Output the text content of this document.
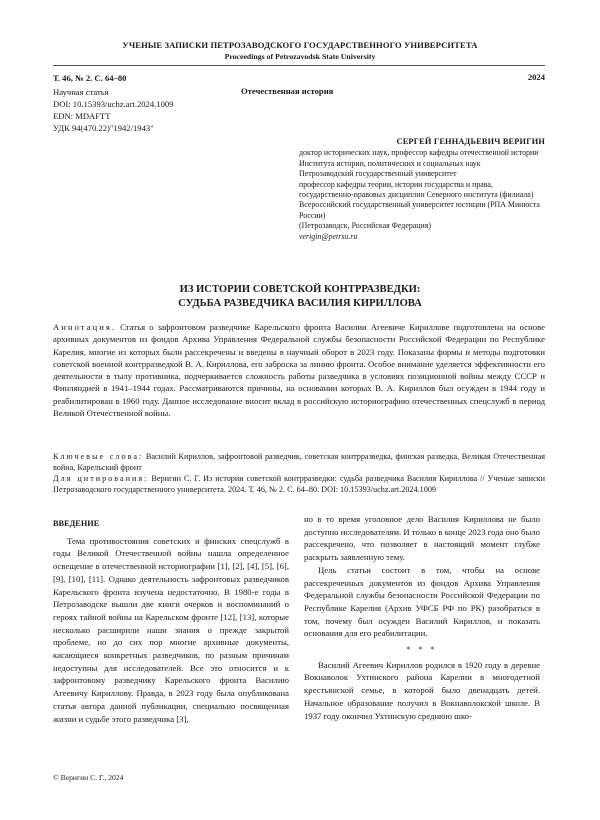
УЧЕНЫЕ ЗАПИСКИ ПЕТРОЗАВОДСКОГО ГОСУДАРСТВЕННОГО УНИВЕРСИТЕТА
Proceedings of Petrozavodsk State University
Т. 46, № 2. С. 64–80	2024
Отечественная история
Научная статья
DOI: 10.15393/uchz.art.2024.1009
EDN: MDAFTT
УДК 94(470.22)"1942/1943"
СЕРГЕЙ ГЕННАДЬЕВИЧ ВЕРИГИН
доктор исторических наук, профессор кафедры отечественной истории Института истории, политических и социальных наук
Петрозаводский государственный университет
профессор кафедры теории, истории государства и права, государственно-правовых дисциплин Северного института (филиала)
Всероссийский государственный университет юстиции (РПА Минюста России)
(Петрозаводск, Российская Федерация)
verigin@petrsu.ru
ИЗ ИСТОРИИ СОВЕТСКОЙ КОНТРРАЗВЕДКИ:
СУДЬБА РАЗВЕДЧИКА ВАСИЛИЯ КИРИЛЛОВА
Аннотация. Статья о зафронтовом разведчике Карельского фронта Василии Агеевиче Кириллове подготовлена на основе архивных документов из фондов Архива Управления Федеральной службы безопасности Российской Федерации по Республике Карелия, многие из которых были рассекречены и введены в научный оборот в 2023 году. Показаны формы и методы подготовки советской военной контрразведкой В. А. Кириллова, его заброска за линию фронта. Особое внимание уделяется эффективности его деятельности в тылу противника, подчеркивается сложность работы разведчика в условиях позиционной войны между СССР и Финляндией в 1941–1944 годах. Рассматриваются причины, на основании которых В. А. Кириллов был осужден в 1944 году и реабилитирован в 1960 году. Данное исследование вносит вклад в российскую историографию отечественных спецслужб в период Великой Отечественной войны.
Ключевые слова: Василий Кириллов, зафронтовой разведчик, советская контрразведка, финская разведка, Великая Отечественная война, Карельский фронт
Для цитирования: Веригин С. Г. Из истории советской контрразведки: судьба разведчика Василия Кириллова // Ученые записки Петрозаводского государственного университета. 2024. Т. 46, № 2. С. 64–80. DOI: 10.15393/uchz.art.2024.1009
ВВЕДЕНИЕ

Тема противостояния советских и финских спецслужб в годы Великой Отечественной войны нашла определенное освещение в отечественной историографии [1], [2], [4], [5], [6], [9], [10], [11]. Однако деятельность зафронтовых разведчиков Карельского фронта изучена недостаточно. В 1980-е годы в Петрозаводске вышли две книги очерков и воспоминаний о героях тайной войны на Карельском фронте [12], [13], которые несколько расширили наши знания о прежде закрытой проблеме, но до сих пор многие архивные документы, касающиеся конкретных разведчиков, по разным причинам недоступны для исследователей. Все это относится и к зафронтовому разведчику Карельского фронта Василию Агеевичу Кириллову. Правда, в 2023 году была опубликована статья автора данной публикации, специально посвященная жизни и судьбе этого разведчика [3],

но в то время уголовное дело Василия Кириллова не было доступно исследователям. И только в конце 2023 года оно было рассекречено, что позволяет в настоящий момент глубже раскрыть заявленную тему.

Цель статьи состоит в том, чтобы на основе рассекреченных документов из фондов Архива Управления Федеральной службы безопасности Российской Федерации по Республике Карелия (Архив УФСБ РФ по РК) разобраться в том, почему был осужден Василий Кириллов, и показать основания для его реабилитации.

* * *

Василий Агеевич Кириллов родился в 1920 году в деревне Вокнаволок Ухтинского района Карелии в многодетной крестьянской семье, в которой было двенадцать детей. Начальное образование получил в Вокнаволокской школе. В 1937 году окончил Ухтинскую среднюю шко-

© Веригин С. Г., 2024
